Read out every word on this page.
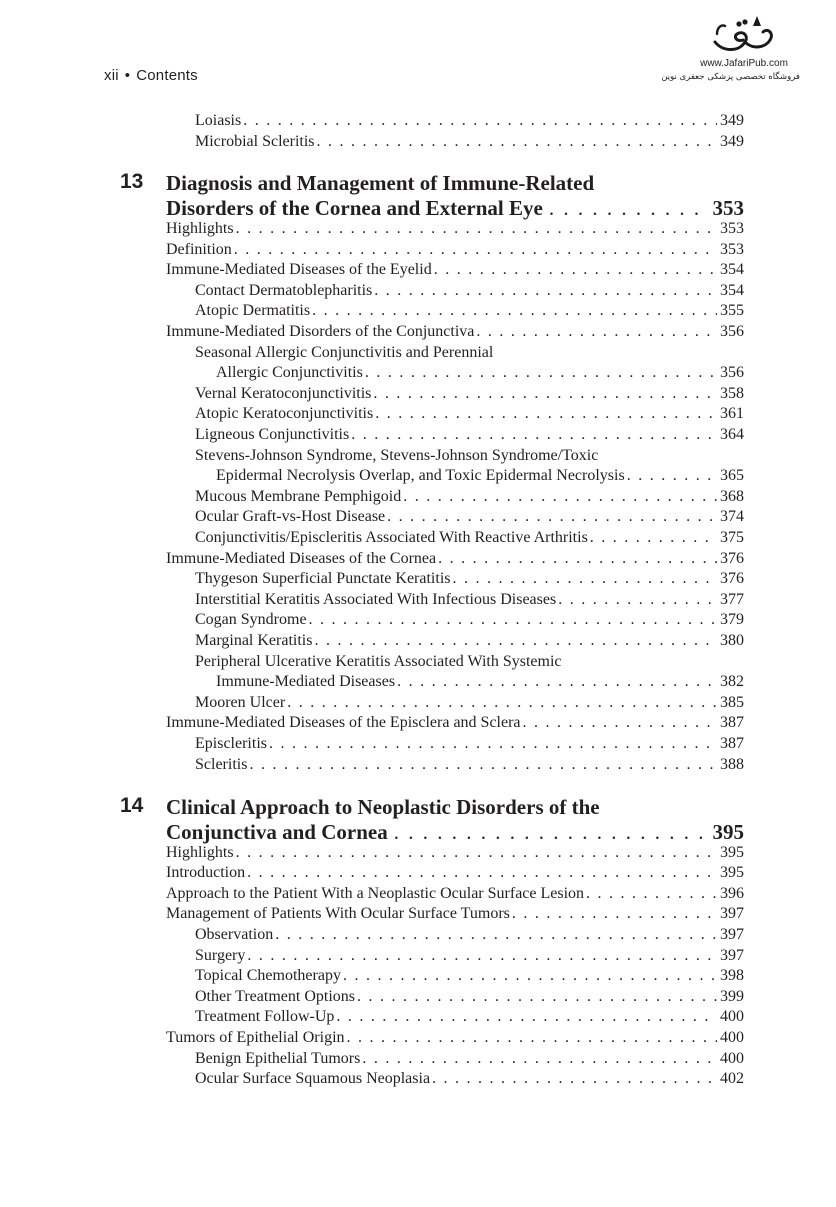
xii • Contents
www.JafariPub.com
فروشگاه تخصصی پزشکی جعفری نوین
Loiasis . . .	349
Microbial Scleritis . . .	349
13 Diagnosis and Management of Immune-Related
Disorders of the Cornea and External Eye . . .	353
Highlights . . .	353
Definition . . .	353
Immune-Mediated Diseases of the Eyelid . . .	354
Contact Dermatoblepharitis . . .	354
Atopic Dermatitis . . .	355
Immune-Mediated Disorders of the Conjunctiva . . .	356
Seasonal Allergic Conjunctivitis and Perennial
Allergic Conjunctivitis . . .	356
Vernal Keratoconjunctivitis . . .	358
Atopic Keratoconjunctivitis . . .	361
Ligneous Conjunctivitis . . .	364
Stevens-Johnson Syndrome, Stevens-Johnson Syndrome/Toxic
Epidermal Necrolysis Overlap, and Toxic Epidermal Necrolysis . . .	365
Mucous Membrane Pemphigoid . . .	368
Ocular Graft-vs-Host Disease . . .	374
Conjunctivitis/Episcleritis Associated With Reactive Arthritis . . .	375
Immune-Mediated Diseases of the Cornea . . .	376
Thygeson Superficial Punctate Keratitis . . .	376
Interstitial Keratitis Associated With Infectious Diseases . . .	377
Cogan Syndrome . . .	379
Marginal Keratitis . . .	380
Peripheral Ulcerative Keratitis Associated With Systemic
Immune-Mediated Diseases . . .	382
Mooren Ulcer . . .	385
Immune-Mediated Diseases of the Episclera and Sclera . . .	387
Episcleritis . . .	387
Scleritis . . .	388
14 Clinical Approach to Neoplastic Disorders of the
Conjunctiva and Cornea . . .	395
Highlights . . .	395
Introduction . . .	395
Approach to the Patient With a Neoplastic Ocular Surface Lesion . . .	396
Management of Patients With Ocular Surface Tumors . . .	397
Observation . . .	397
Surgery . . .	397
Topical Chemotherapy . . .	398
Other Treatment Options . . .	399
Treatment Follow-Up . . .	400
Tumors of Epithelial Origin . . .	400
Benign Epithelial Tumors . . .	400
Ocular Surface Squamous Neoplasia . . .	402
